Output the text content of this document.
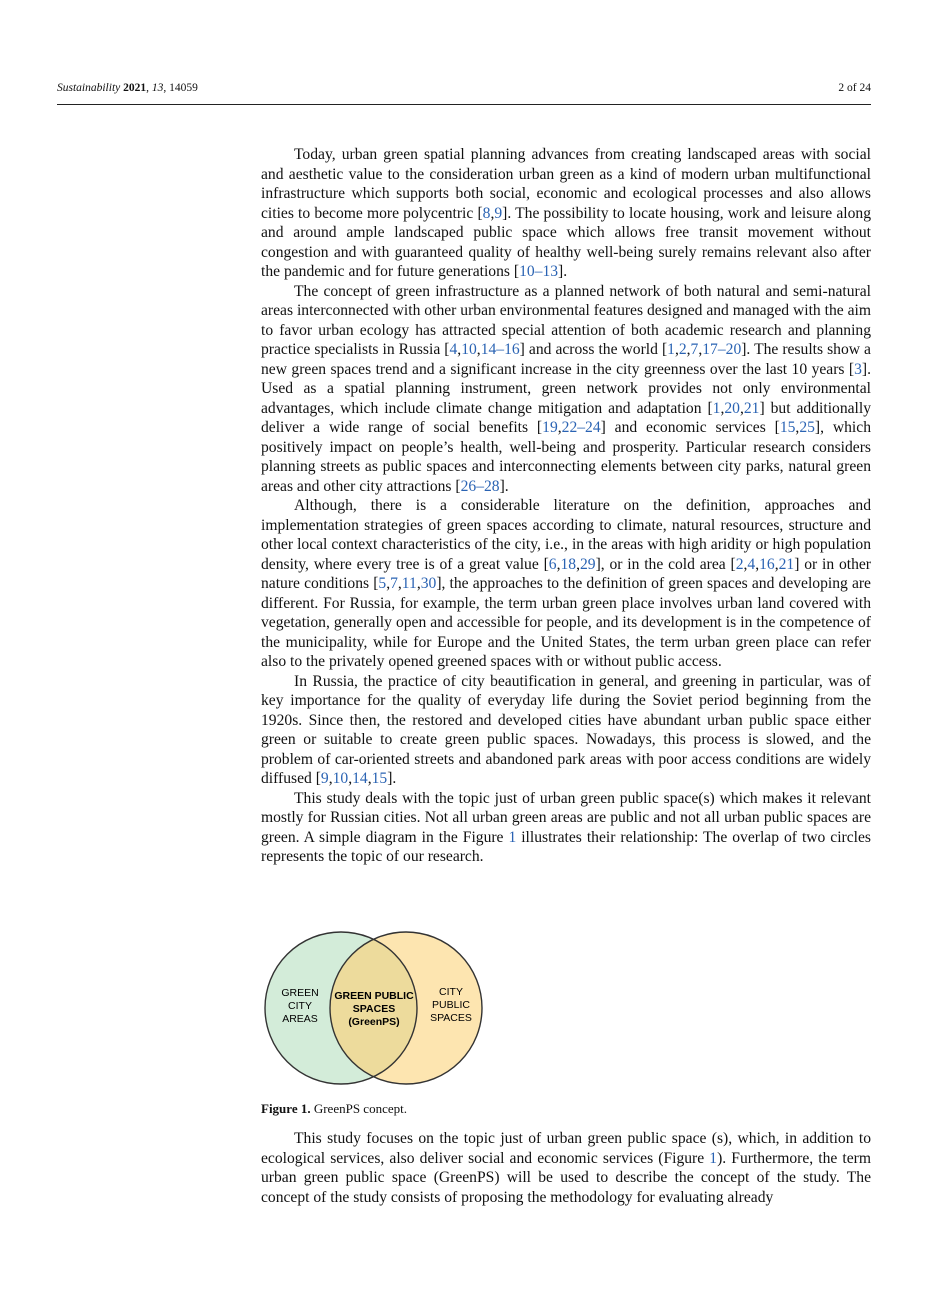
Sustainability 2021, 13, 14059	2 of 24

Today, urban green spatial planning advances from creating landscaped areas with social and aesthetic value to the consideration urban green as a kind of modern urban multifunctional infrastructure which supports both social, economic and ecological processes and also allows cities to become more polycentric [8,9]. The possibility to locate housing, work and leisure along and around ample landscaped public space which allows free transit movement without congestion and with guaranteed quality of healthy well-being surely remains relevant also after the pandemic and for future generations [10–13].

The concept of green infrastructure as a planned network of both natural and semi-natural areas interconnected with other urban environmental features designed and managed with the aim to favor urban ecology has attracted special attention of both academic research and planning practice specialists in Russia [4,10,14–16] and across the world [1,2,7,17–20]. The results show a new green spaces trend and a significant increase in the city greenness over the last 10 years [3]. Used as a spatial planning instrument, green network provides not only environmental advantages, which include climate change mitigation and adaptation [1,20,21] but additionally deliver a wide range of social benefits [19,22–24] and economic services [15,25], which positively impact on people’s health, well-being and prosperity. Particular research considers planning streets as public spaces and interconnecting elements between city parks, natural green areas and other city attractions [26–28].

Although, there is a considerable literature on the definition, approaches and implementation strategies of green spaces according to climate, natural resources, structure and other local context characteristics of the city, i.e., in the areas with high aridity or high population density, where every tree is of a great value [6,18,29], or in the cold area [2,4,16,21] or in other nature conditions [5,7,11,30], the approaches to the definition of green spaces and developing are different. For Russia, for example, the term urban green place involves urban land covered with vegetation, generally open and accessible for people, and its development is in the competence of the municipality, while for Europe and the United States, the term urban green place can refer also to the privately opened greened spaces with or without public access.

In Russia, the practice of city beautification in general, and greening in particular, was of key importance for the quality of everyday life during the Soviet period beginning from the 1920s. Since then, the restored and developed cities have abundant urban public space either green or suitable to create green public spaces. Nowadays, this process is slowed, and the problem of car-oriented streets and abandoned park areas with poor access conditions are widely diffused [9,10,14,15].

This study deals with the topic just of urban green public space(s) which makes it relevant mostly for Russian cities. Not all urban green areas are public and not all urban public spaces are green. A simple diagram in the Figure 1 illustrates their relationship: The overlap of two circles represents the topic of our research.

GREEN
CITY
AREAS
GREEN PUBLIC
SPACES
(GreenPS)
CITY
PUBLIC
SPACES
Figure 1. GreenPS concept.

This study focuses on the topic just of urban green public space (s), which, in addition to ecological services, also deliver social and economic services (Figure 1). Furthermore, the term urban green public space (GreenPS) will be used to describe the concept of the study. The concept of the study consists of proposing the methodology for evaluating already
